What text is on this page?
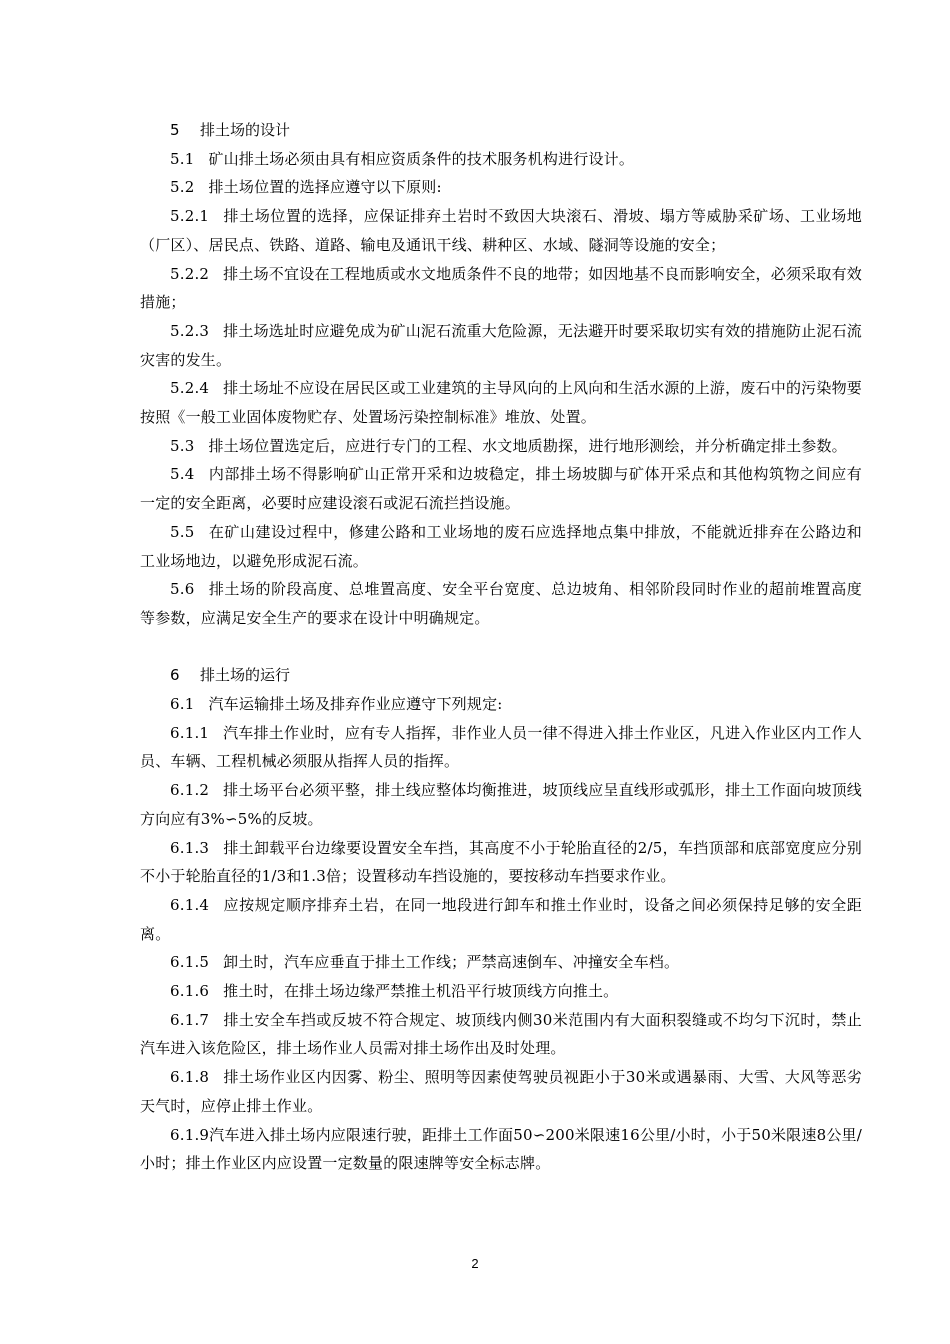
5 排土场的设计
5.1 矿山排土场必须由具有相应资质条件的技术服务机构进行设计。
5.2 排土场位置的选择应遵守以下原则:
5.2.1 排土场位置的选择，应保证排弃土岩时不致因大块滚石、滑坡、塌方等威胁采矿场、工业场地（厂区）、居民点、铁路、道路、输电及通讯干线、耕种区、水域、隧洞等设施的安全；
5.2.2 排土场不宜设在工程地质或水文地质条件不良的地带；如因地基不良而影响安全，必须采取有效措施；
5.2.3 排土场选址时应避免成为矿山泥石流重大危险源，无法避开时要采取切实有效的措施防止泥石流灾害的发生。
5.2.4 排土场址不应设在居民区或工业建筑的主导风向的上风向和生活水源的上游，废石中的污染物要按照《一般工业固体废物贮存、处置场污染控制标准》堆放、处置。
5.3 排土场位置选定后，应进行专门的工程、水文地质勘探，进行地形测绘，并分析确定排土参数。
5.4 内部排土场不得影响矿山正常开采和边坡稳定，排土场坡脚与矿体开采点和其他构筑物之间应有一定的安全距离，必要时应建设滚石或泥石流拦挡设施。
5.5 在矿山建设过程中，修建公路和工业场地的废石应选择地点集中排放，不能就近排弃在公路边和工业场地边，以避免形成泥石流。
5.6 排土场的阶段高度、总堆置高度、安全平台宽度、总边坡角、相邻阶段同时作业的超前堆置高度等参数，应满足安全生产的要求在设计中明确规定。
6 排土场的运行
6.1 汽车运输排土场及排弃作业应遵守下列规定:
6.1.1 汽车排土作业时，应有专人指挥，非作业人员一律不得进入排土作业区，凡进入作业区内工作人员、车辆、工程机械必须服从指挥人员的指挥。
6.1.2 排土场平台必须平整，排土线应整体均衡推进，坡顶线应呈直线形或弧形，排土工作面向坡顶线方向应有3%∽5%的反坡。
6.1.3 排土卸载平台边缘要设置安全车挡，其高度不小于轮胎直径的2/5，车挡顶部和底部宽度应分别不小于轮胎直径的1/3和1.3倍；设置移动车挡设施的，要按移动车挡要求作业。
6.1.4 应按规定顺序排弃土岩，在同一地段进行卸车和推土作业时，设备之间必须保持足够的安全距离。
6.1.5 卸土时，汽车应垂直于排土工作线；严禁高速倒车、冲撞安全车档。
6.1.6 推土时，在排土场边缘严禁推土机沿平行坡顶线方向推土。
6.1.7 排土安全车挡或反坡不符合规定、坡顶线内侧30米范围内有大面积裂缝或不均匀下沉时，禁止汽车进入该危险区，排土场作业人员需对排土场作出及时处理。
6.1.8 排土场作业区内因雾、粉尘、照明等因素使驾驶员视距小于30米或遇暴雨、大雪、大风等恶劣天气时，应停止排土作业。
6.1.9汽车进入排土场内应限速行驶，距排土工作面50∽200米限速16公里/小时，小于50米限速8公里/小时；排土作业区内应设置一定数量的限速牌等安全标志牌。
2
